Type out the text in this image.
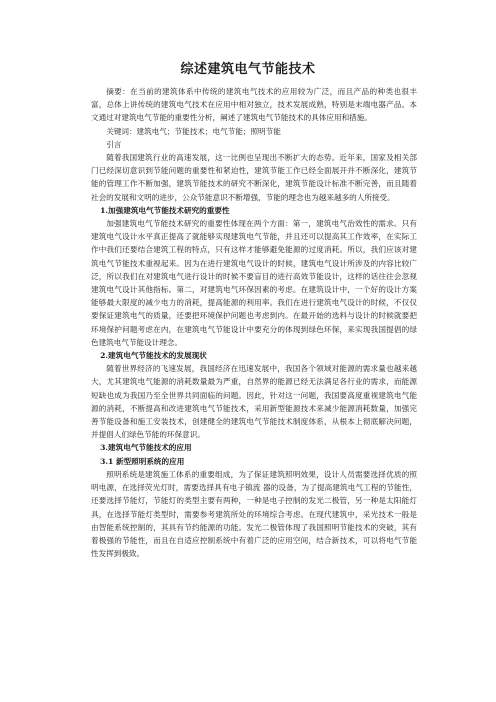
综述建筑电气节能技术

摘要：在当前的建筑体系中传统的建筑电气技术的应用较为广泛，而且产品的种类也很丰富，总体上讲传统的建筑电气技术在应用中相对独立，技术发展成熟，特别是末端电器产品。本文通过对建筑电气节能的重要性分析，阐述了建筑电气节能技术的具体应用和措施。

关键词：建筑电气；节能技术；电气节能；照明节能

引言

随着我国建筑行业的高速发展，这一比例也呈现出不断扩大的态势。近年来，国家及相关部门已经深切意识到节能问题的重要性和紧迫性，建筑节能工作已经全面展开并不断深化，建筑节能的管理工作不断加强，建筑节能技术的研究不断深化，建筑节能设计标准不断完善，而且随着社会的发展和文明的进步，公众节能意识不断增强，节能的理念也为越来越多的人所接受。

1.加强建筑电气节能技术研究的重要性

加强建筑电气节能技术研究的重要性体现在两个方面：第一，建筑电气治效性的需求。只有建筑电气设计水平真正提高了就能够实现建筑电气节能，并且还可以提高其工作效率，在实际工作中我们还要结合建筑工程的特点，只有这样才能够避免能源的过度消耗。所以，我们应该对建筑电气节能技术重视起来。因为在进行建筑电气设计的时候，建筑电气设计所涉及的内容比较广泛，所以我们在对建筑电气进行设计的时候不要盲目的进行高效节能设计，这样的话往往会忽视建筑电气设计其他指标。第二，对建筑电气环保因素的考虑。在建筑设计中，一个好的设计方案能够最大限度的减少电力的消耗，提高能源的利用率。我们在进行建筑电气设计的时候，不仅仅要保证建筑电气的质量，还要把环境保护问题也考虑到内。在最开始的选料与设计的时候就要把环境保护问题考虑在内，在建筑电气节能设计中要充分的体现到绿色环保，来实现我国提倡的绿色建筑电气节能设计理念。

2.建筑电气节能技术的发展现状

随着世界经济的飞速发展，我国经济在迅速发展中，我国各个领域对能源的需求量也越来越大，尤其建筑电气能源的消耗数量最为严重，自然界的能源已经无法满足各行业的需求，而能源短缺也成为我国乃至全世界共同面临的问题。因此，针对这一问题，我国要高度重视建筑电气能源的消耗，不断提高和改进建筑电气节能技术，采用新型能源技术来减少能源消耗数量，加强完善节能设备和施工安装技术，创建健全的建筑电气节能技术制度体系，从根本上彻底解决问题，并提倡人们绿色节能的环保意识。

3.建筑电气节能技术的应用

3.1 新型照明系统的应用

照明系统是建筑施工体系的重要组成，为了保证建筑照明效果，设计人员需要选择优质的照明电源，在选择荧光灯时，需要选择具有电子镇流 器的设备，为了提高建筑电气工程的节能性，还要选择节能灯，节能灯的类型主要有两种，一种是电子控制的发光二极管，另一种是太阳能灯具，在选择节能灯类型时，需要参考建筑所处的环境综合考虑。在现代建筑中，采光技术一般是由智能系统控制的，其具有节约能源的功能。发光二极管体现了我国照明节能技术的突破，其有着极强的节能性，而且在自适应控制系统中有着广泛的应用空间，结合新技术，可以将电气节能性发挥到极致。
